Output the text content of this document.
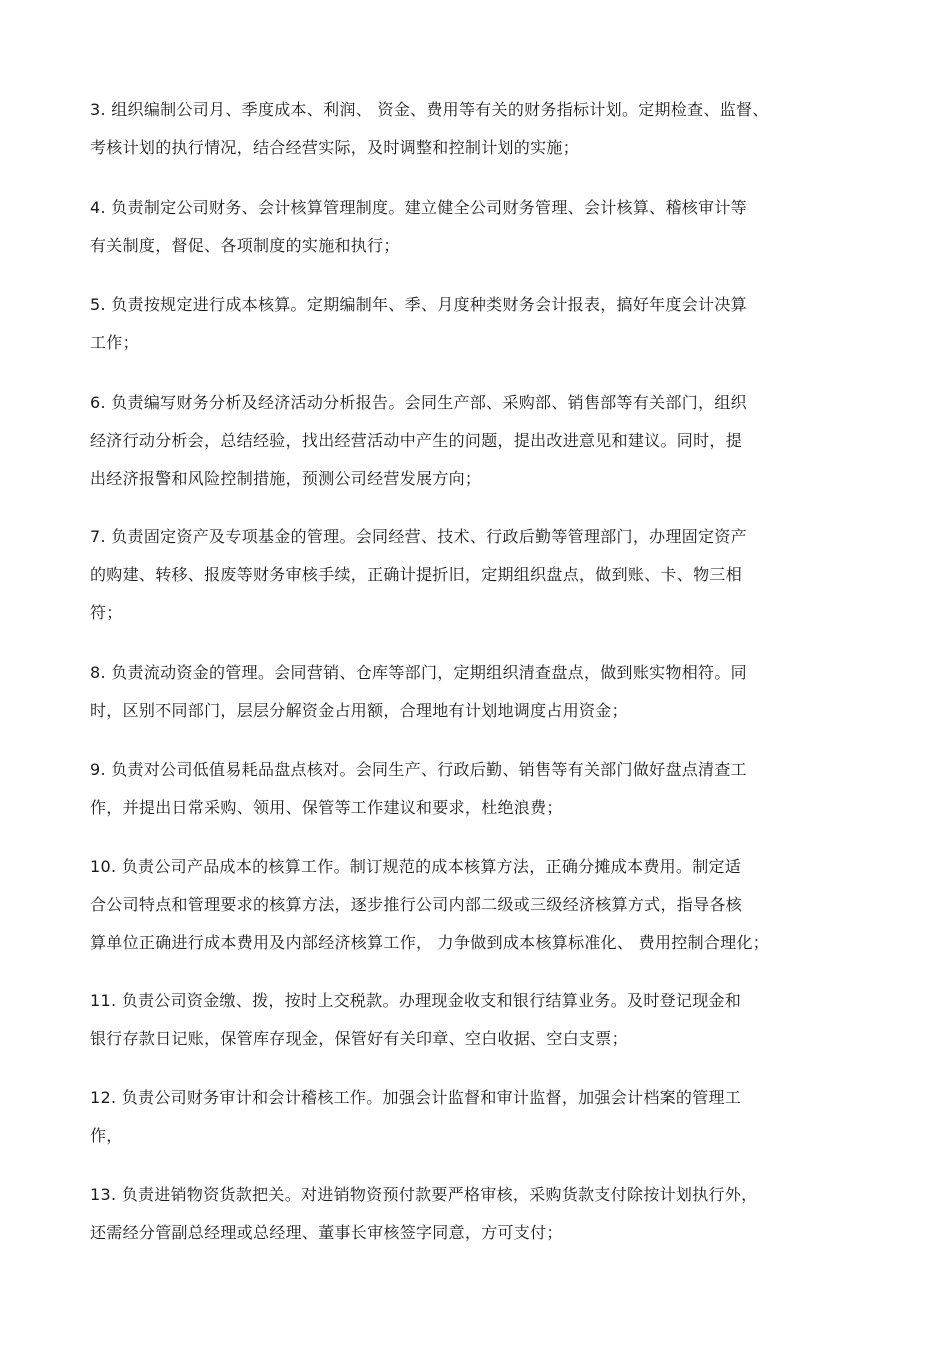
3. 组织编制公司月、季度成本、利润、 资金、费用等有关的财务指标计划。定期检查、监督、
考核计划的执行情况，结合经营实际，及时调整和控制计划的实施；
4. 负责制定公司财务、会计核算管理制度。建立健全公司财务管理、会计核算、稽核审计等
有关制度，督促、各项制度的实施和执行；
5. 负责按规定进行成本核算。定期编制年、季、月度种类财务会计报表，搞好年度会计决算
工作；
6. 负责编写财务分析及经济活动分析报告。会同生产部、采购部、销售部等有关部门，组织
经济行动分析会，总结经验，找出经营活动中产生的问题，提出改进意见和建议。同时，提
出经济报警和风险控制措施，预测公司经营发展方向；
7. 负责固定资产及专项基金的管理。会同经营、技术、行政后勤等管理部门，办理固定资产
的购建、转移、报废等财务审核手续，正确计提折旧，定期组织盘点，做到账、卡、物三相
符；
8. 负责流动资金的管理。会同营销、仓库等部门，定期组织清查盘点，做到账实物相符。同
时，区别不同部门，层层分解资金占用额，合理地有计划地调度占用资金；
9. 负责对公司低值易耗品盘点核对。会同生产、行政后勤、销售等有关部门做好盘点清查工
作，并提出日常采购、领用、保管等工作建议和要求，杜绝浪费；
10. 负责公司产品成本的核算工作。制订规范的成本核算方法，正确分摊成本费用。制定适
合公司特点和管理要求的核算方法，逐步推行公司内部二级或三级经济核算方式，指导各核
算单位正确进行成本费用及内部经济核算工作， 力争做到成本核算标准化、 费用控制合理化；
11. 负责公司资金缴、拨，按时上交税款。办理现金收支和银行结算业务。及时登记现金和
银行存款日记账，保管库存现金，保管好有关印章、空白收据、空白支票；
12. 负责公司财务审计和会计稽核工作。加强会计监督和审计监督，加强会计档案的管理工
作，
13. 负责进销物资货款把关。对进销物资预付款要严格审核，采购货款支付除按计划执行外，
还需经分管副总经理或总经理、董事长审核签字同意，方可支付；
